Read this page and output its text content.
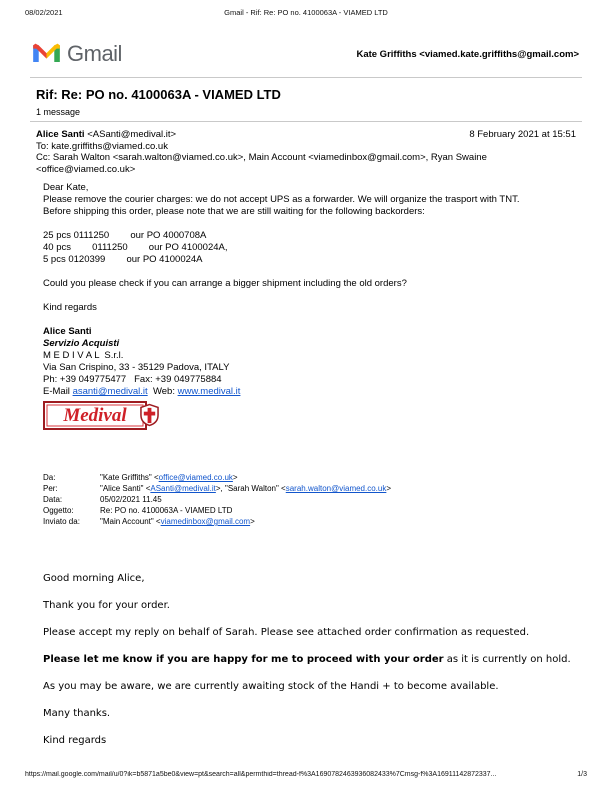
08/02/2021	Gmail - Rif: Re: PO no. 4100063A - VIAMED LTD
Gmail	Kate Griffiths <viamed.kate.griffiths@gmail.com>
Rif: Re: PO no. 4100063A - VIAMED LTD
1 message
Alice Santi <ASanti@medival.it>	8 February 2021 at 15:51
To: kate.griffiths@viamed.co.uk
Cc: Sarah Walton <sarah.walton@viamed.co.uk>, Main Account <viamedinbox@gmail.com>, Ryan Swaine <office@viamed.co.uk>
Dear Kate,
Please remove the courier charges: we do not accept UPS as a forwarder. We will organize the trasport with TNT.
Before shipping this order, please note that we are still waiting for the following backorders:

25 pcs 0111250        our PO 4000708A
40 pcs        0111250        our PO 4100024A,
5 pcs 0120399        our PO 4100024A

Could you please check if you can arrange a bigger shipment including the old orders?

Kind regards
Alice Santi
Servizio Acquisti
M E D I V A L  S.r.l.
Via San Crispino, 33 - 35129 Padova, ITALY
Ph: +39 049775477   Fax: +39 049775884
E-Mail asanti@medival.it  Web: www.medival.it
Medival
Da:	"Kate Griffiths" <office@viamed.co.uk>
Per:	"Alice Santi" <ASanti@medival.it>, "Sarah Walton" <sarah.walton@viamed.co.uk>
Data:	05/02/2021 11.45
Oggetto:	Re: PO no. 4100063A - VIAMED LTD
Inviato da:	"Main Account" <viamedinbox@gmail.com>

Good morning Alice,

Thank you for your order.

Please accept my reply on behalf of Sarah. Please see attached order confirmation as requested.

Please let me know if you are happy for me to proceed with your order as it is currently on hold.

As you may be aware, we are currently awaiting stock of the Handi + to become available.

Many thanks.

Kind regards

https://mail.google.com/mail/u/0?ik=b5871a5be0&view=pt&search=all&permthid=thread-f%3A1690782463936082433%7Cmsg-f%3A16911142872337...	1/3
